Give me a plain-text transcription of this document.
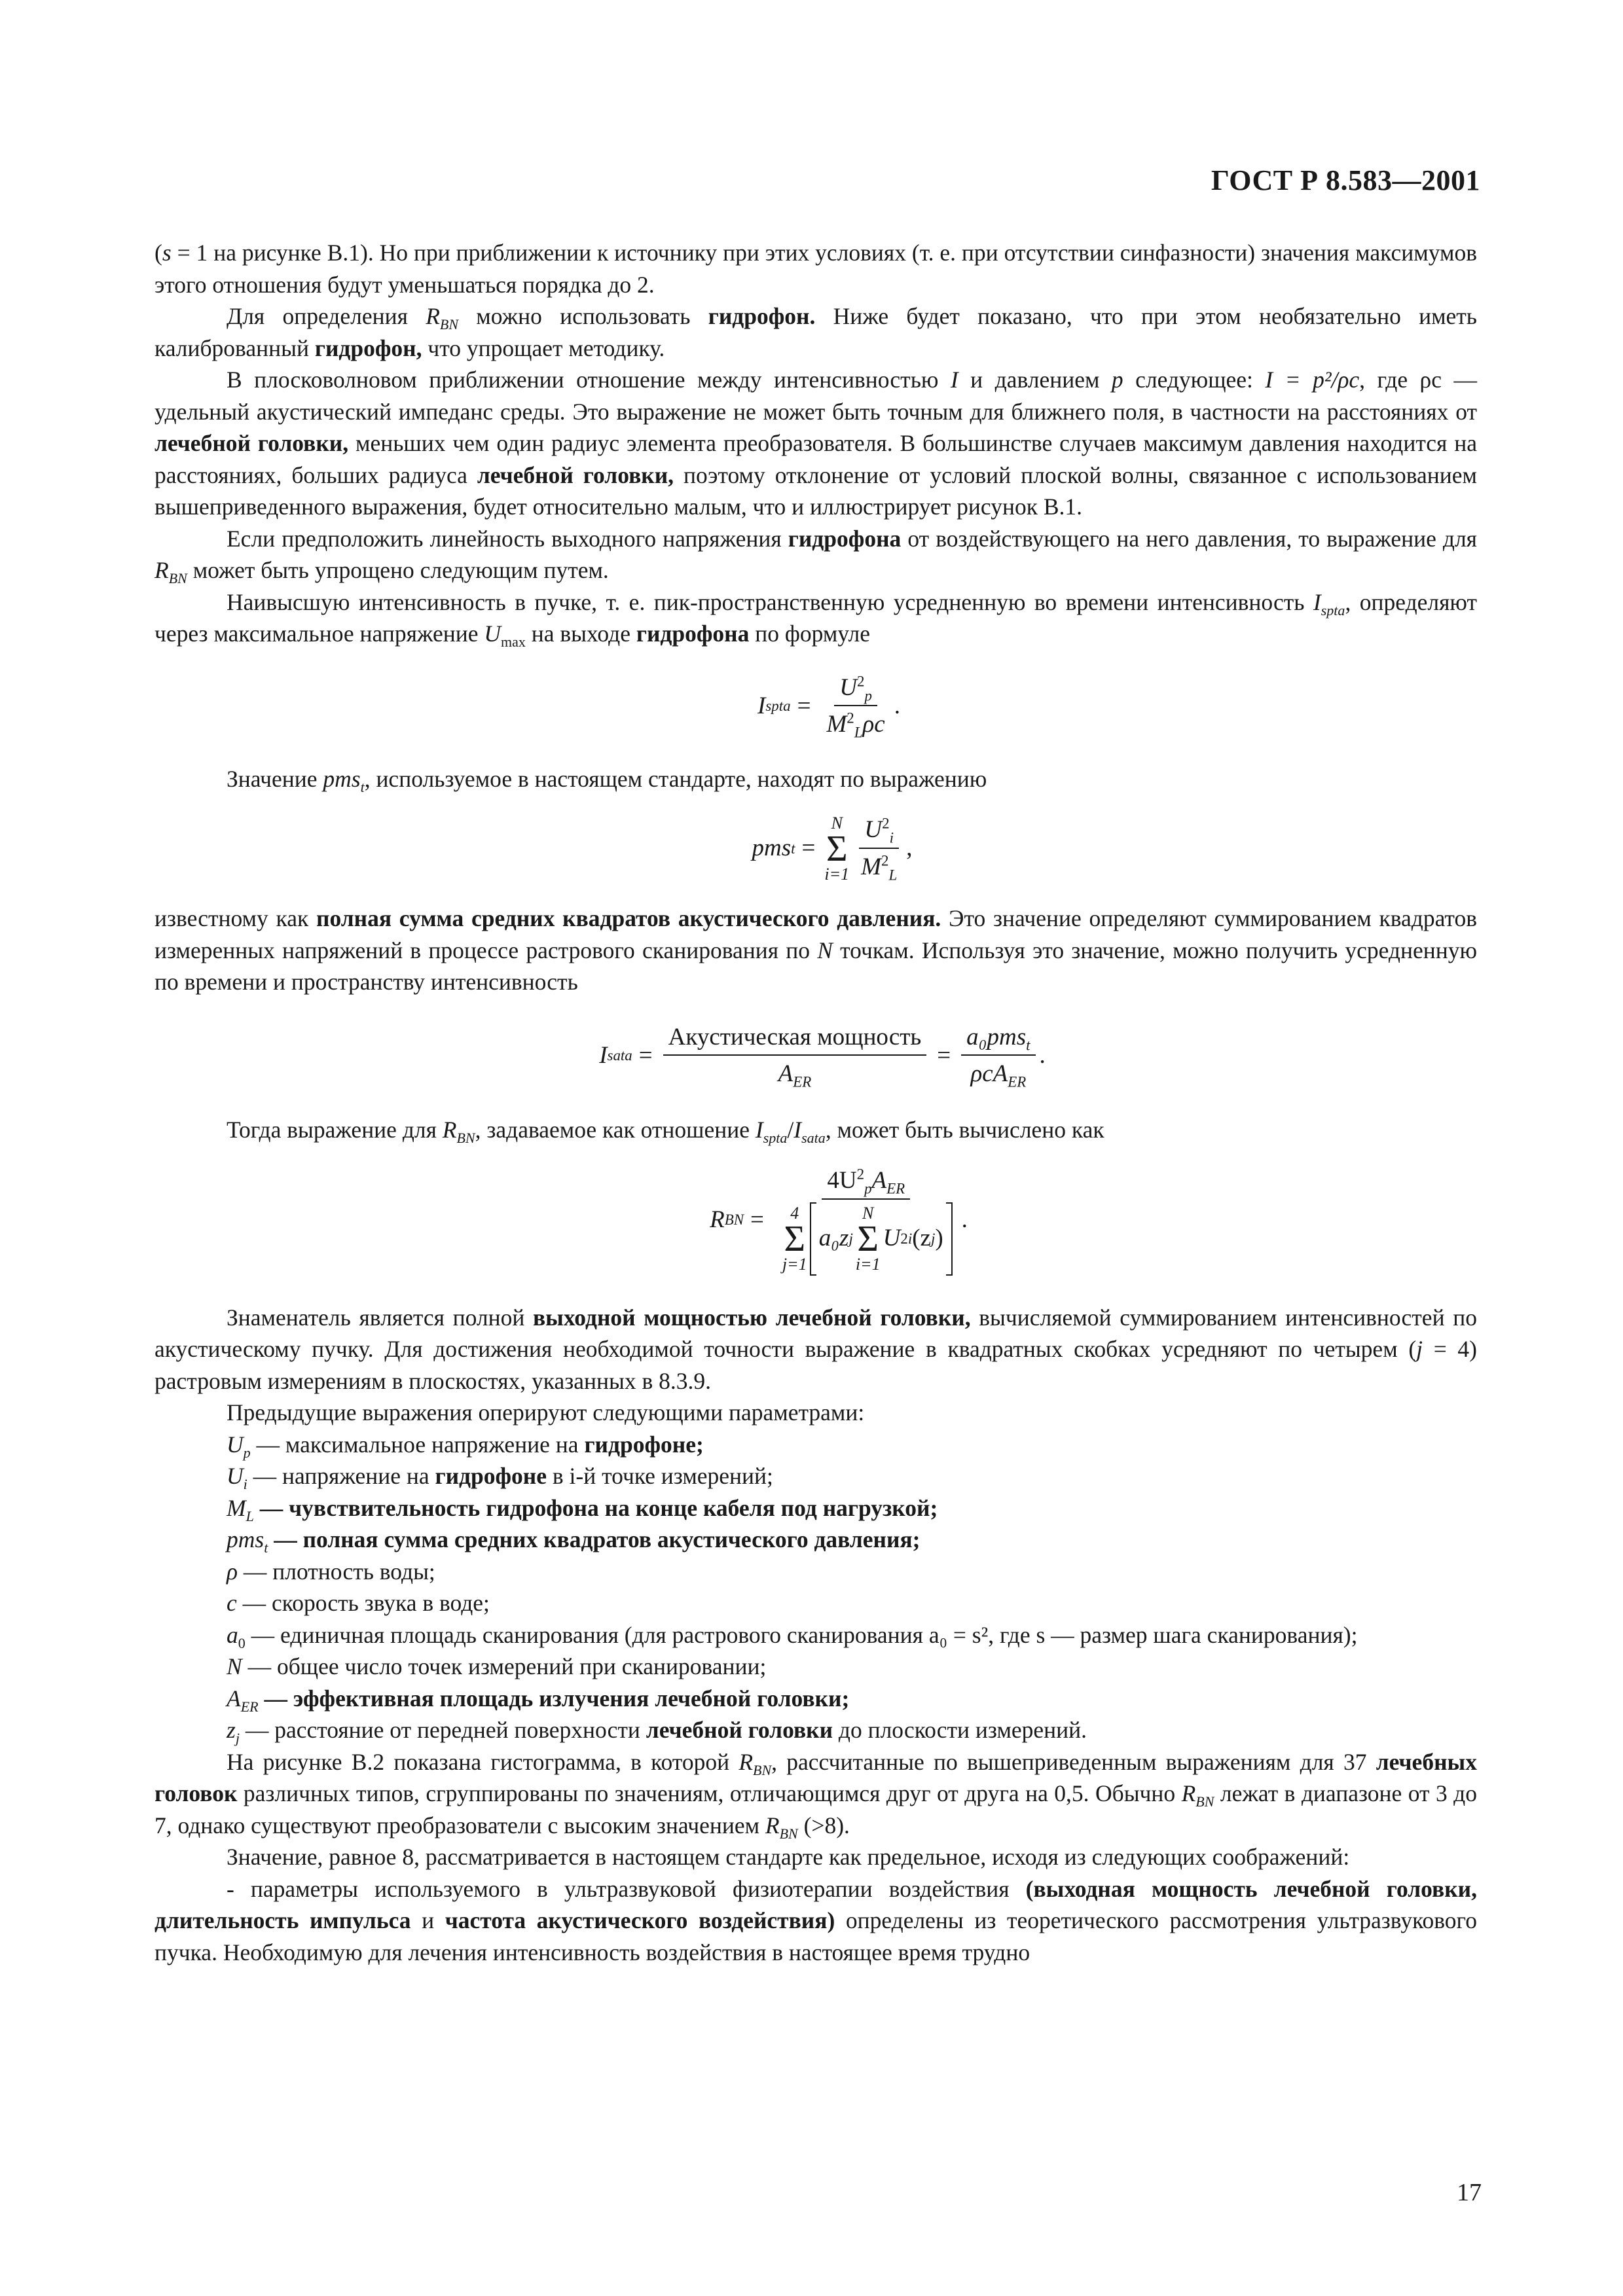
ГОСТ Р 8.583—2001

(s = 1 на рисунке В.1). Но при приближении к источнику при этих условиях (т. е. при отсутствии синфазности) значения максимумов этого отношения будут уменьшаться порядка до 2.

Для определения $R_{BN}$ можно использовать гидрофон. Ниже будет показано, что при этом необязательно иметь калиброванный гидрофон, что упрощает методику.

В плосковолновом приближении отношение между интенсивностью I и давлением p следующее: I = p²/ρc, где ρc — удельный акустический импеданс среды. Это выражение не может быть точным для ближнего поля, в частности на расстояниях от лечебной головки, меньших чем один радиус элемента преобразователя. В большинстве случаев максимум давления находится на расстояниях, больших радиуса лечебной головки, поэтому отклонение от условий плоской волны, связанное с использованием вышеприведенного выражения, будет относительно малым, что и иллюстрирует рисунок В.1.

Если предположить линейность выходного напряжения гидрофона от воздействующего на него давления, то выражение для $R_{BN}$ может быть упрощено следующим путем.

Наивысшую интенсивность в пучке, т. е. пик-пространственную усредненную во времени интенсивность $I_{spta}$, определяют через максимальное напряжение $U_{max}$ на выходе гидрофона по формуле

I spta = $\frac{U^2_p}{M^2_L\rho c}$ .

Значение pms$_t$, используемое в настоящем стандарте, находят по выражению

pms t =
N
Σ
$i=1 \frac{U^2_i}{M^2_L}$ ,

известному как полная сумма средних квадратов акустического давления. Это значение определяют суммированием квадратов измеренных напряжений в процессе растрового сканирования по N точкам. Используя это значение, можно получить усредненную по времени и пространству интенсивность

I sata = $\frac{\text{Акустическая мощность}}{A_{ER}} = \frac{a_0pms_t}{\rho cA_{ER}}$ .

Тогда выражение для $R_{BN}$, задаваемое как отношение $I_{spta}/I_{sata}$, может быть вычислено как

R BN =
$4U^2_pA_{ER}$
4
Σ
j=1
a₀z j
N
Σ
i=1
U 2 i (z j )
.

Знаменатель является полной выходной мощностью лечебной головки, вычисляемой суммированием интенсивностей по акустическому пучку. Для достижения необходимой точности выражение в квадратных скобках усредняют по четырем (j = 4) растровым измерениям в плоскостях, указанных в 8.3.9.

Предыдущие выражения оперируют следующими параметрами:

$U_p$ — максимальное напряжение на гидрофоне;

$U_i$ — напряжение на гидрофоне в i-й точке измерений;

$M_L$ — чувствительность гидрофона на конце кабеля под нагрузкой;

pms$_t$ — полная сумма средних квадратов акустического давления;

ρ — плотность воды;

c — скорость звука в воде;

$a_0$ — единичная площадь сканирования (для растрового сканирования a₀ = s², где s — размер шага сканирования);

N — общее число точек измерений при сканировании;

$A_{ER}$ — эффективная площадь излучения лечебной головки;

$z_j$ — расстояние от передней поверхности лечебной головки до плоскости измерений.

На рисунке В.2 показана гистограмма, в которой $R_{BN}$, рассчитанные по вышеприведенным выражениям для 37 лечебных головок различных типов, сгруппированы по значениям, отличающимся друг от друга на 0,5. Обычно $R_{BN}$ лежат в диапазоне от 3 до 7, однако существуют преобразователи с высоким значением $R_{BN}$ (>8).

Значение, равное 8, рассматривается в настоящем стандарте как предельное, исходя из следующих соображений:

- параметры используемого в ультразвуковой физиотерапии воздействия (выходная мощность лечебной головки, длительность импульса и частота акустического воздействия) определены из теоретического рассмотрения ультразвукового пучка. Необходимую для лечения интенсивность воздействия в настоящее время трудно

17
